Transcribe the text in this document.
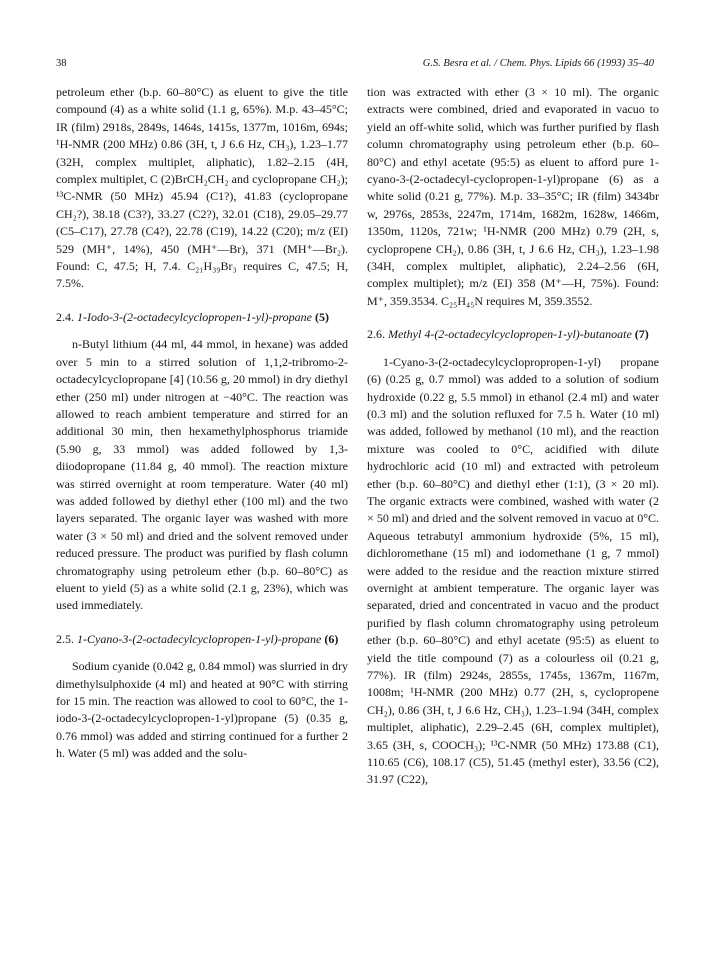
38	G.S. Besra et al. / Chem. Phys. Lipids 66 (1993) 35–40

petroleum ether (b.p. 60–80°C) as eluent to give the title compound (4) as a white solid (1.1 g, 65%). M.p. 43–45°C; IR (film) 2918s, 2849s, 1464s, 1415s, 1377m, 1016m, 694s; ¹H-NMR (200 MHz) 0.86 (3H, t, J 6.6 Hz, CH₃), 1.23–1.77 (32H, complex multiplet, aliphatic), 1.82–2.15 (4H, complex multiplet, C (2)BrCH₂CH₂ and cyclopropane CH₂); ¹³C-NMR (50 MHz) 45.94 (C1?), 41.83 (cyclopropane CH₂?), 38.18 (C3?), 33.27 (C2?), 32.01 (C18), 29.05–29.77 (C5–C17), 27.78 (C4?), 22.78 (C19), 14.22 (C20); m/z (EI) 529 (MH⁺, 14%), 450 (MH⁺—Br), 371 (MH⁺—Br₂). Found: C, 47.5; H, 7.4. C₂₁H₃₉Br₃ requires C, 47.5; H, 7.5%.

2.4. 1-Iodo-3-(2-octadecylcyclopropen-1-yl)-propane (5)

n-Butyl lithium (44 ml, 44 mmol, in hexane) was added over 5 min to a stirred solution of 1,1,2-tribromo-2-octadecylcyclopropane [4] (10.56 g, 20 mmol) in dry diethyl ether (250 ml) under nitrogen at −40°C. The reaction was allowed to reach ambient temperature and stirred for an additional 30 min, then hexamethylphosphorus triamide (5.90 g, 33 mmol) was added followed by 1,3-diiodopropane (11.84 g, 40 mmol). The reaction mixture was stirred overnight at room temperature. Water (40 ml) was added followed by diethyl ether (100 ml) and the two layers separated. The organic layer was washed with more water (3 × 50 ml) and dried and the solvent removed under reduced pressure. The product was purified by flash column chromatography using petroleum ether (b.p. 60–80°C) as eluent to yield (5) as a white solid (2.1 g, 23%), which was used immediately.

2.5. 1-Cyano-3-(2-octadecylcyclopropen-1-yl)-propane (6)

Sodium cyanide (0.042 g, 0.84 mmol) was slurried in dry dimethylsulphoxide (4 ml) and heated at 90°C with stirring for 15 min. The reaction was allowed to cool to 60°C, the 1-iodo-3-(2-octadecylcyclopropen-1-yl)propane (5) (0.35 g, 0.76 mmol) was added and stirring continued for a further 2 h. Water (5 ml) was added and the solu-

tion was extracted with ether (3 × 10 ml). The organic extracts were combined, dried and evaporated in vacuo to yield an off-white solid, which was further purified by flash column chromatography using petroleum ether (b.p. 60–80°C) and ethyl acetate (95:5) as eluent to afford pure 1-cyano-3-(2-octadecyl-cyclopropen-1-yl)propane (6) as a white solid (0.21 g, 77%). M.p. 33–35°C; IR (film) 3434br w, 2976s, 2853s, 2247m, 1714m, 1682m, 1628w, 1466m, 1350m, 1120s, 721w; ¹H-NMR (200 MHz) 0.79 (2H, s, cyclopropene CH₂), 0.86 (3H, t, J 6.6 Hz, CH₃), 1.23–1.98 (34H, complex multiplet, aliphatic), 2.24–2.56 (6H, complex multiplet); m/z (EI) 358 (M⁺—H, 75%). Found: M⁺, 359.3534. C₂₅H₄₅N requires M, 359.3552.

2.6. Methyl 4-(2-octadecylcyclopropen-1-yl)-butanoate (7)

1-Cyano-3-(2-octadecylcyclopropropen-1-yl) propane (6) (0.25 g, 0.7 mmol) was added to a solution of sodium hydroxide (0.22 g, 5.5 mmol) in ethanol (2.4 ml) and water (0.3 ml) and the solution refluxed for 7.5 h. Water (10 ml) was added, followed by methanol (10 ml), and the reaction mixture was cooled to 0°C, acidified with dilute hydrochloric acid (10 ml) and extracted with petroleum ether (b.p. 60–80°C) and diethyl ether (1:1), (3 × 20 ml). The organic extracts were combined, washed with water (2 × 50 ml) and dried and the solvent removed in vacuo at 0°C. Aqueous tetrabutyl ammonium hydroxide (5%, 15 ml), dichloromethane (15 ml) and iodomethane (1 g, 7 mmol) were added to the residue and the reaction mixture stirred overnight at ambient temperature. The organic layer was separated, dried and concentrated in vacuo and the product purified by flash column chromatography using petroleum ether (b.p. 60–80°C) and ethyl acetate (95:5) as eluent to yield the title compound (7) as a colourless oil (0.21 g, 77%). IR (film) 2924s, 2855s, 1745s, 1367m, 1167m, 1008m; ¹H-NMR (200 MHz) 0.77 (2H, s, cyclopropene CH₂), 0.86 (3H, t, J 6.6 Hz, CH₃), 1.23–1.94 (34H, complex multiplet, aliphatic), 2.29–2.45 (6H, complex multiplet), 3.65 (3H, s, COOCH₃); ¹³C-NMR (50 MHz) 173.88 (C1), 110.65 (C6), 108.17 (C5), 51.45 (methyl ester), 33.56 (C2), 31.97 (C22),
